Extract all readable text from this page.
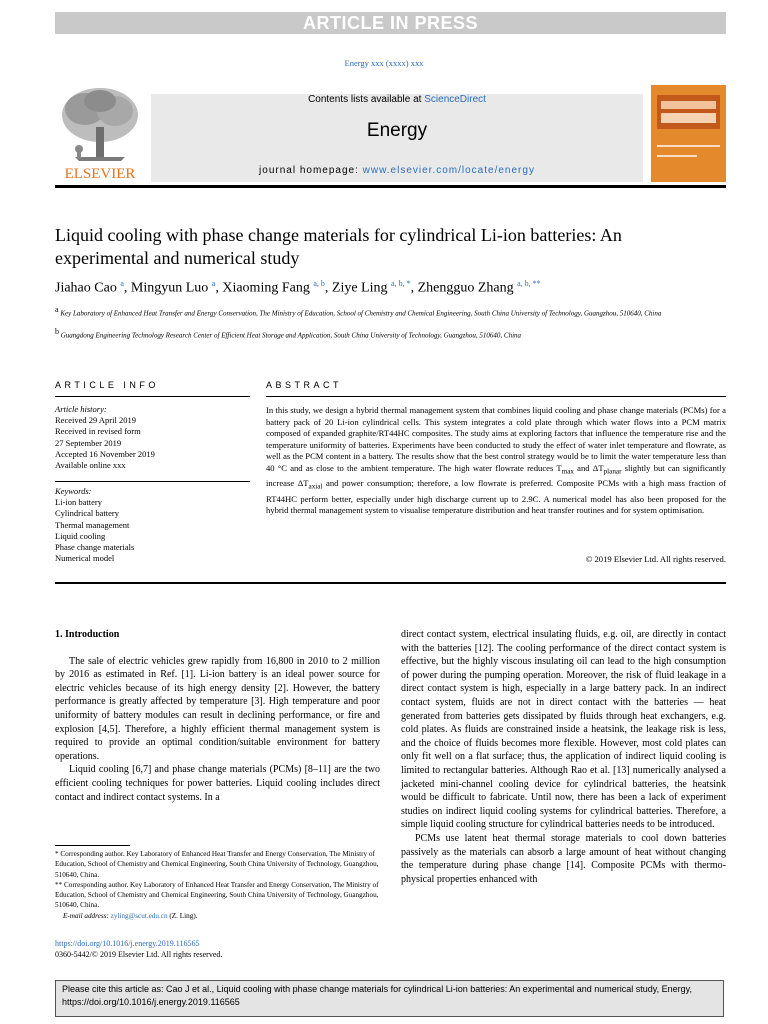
ARTICLE IN PRESS
Energy xxx (xxxx) xxx
ELSEVIER
Contents lists available at ScienceDirect
Energy
journal homepage: www.elsevier.com/locate/energy
Liquid cooling with phase change materials for cylindrical Li-ion batteries: An experimental and numerical study
Jiahao Cao $^a$, Mingyun Luo $^a$, Xiaoming Fang $^{a, b}$, Ziye Ling $^{a, b, *}$, Zhengguo Zhang $^{a, b, **}$
$^a$ Key Laboratory of Enhanced Heat Transfer and Energy Conservation, The Ministry of Education, School of Chemistry and Chemical Engineering, South China University of Technology, Guangzhou, 510640, China
$^b$ Guangdong Engineering Technology Research Center of Efficient Heat Storage and Application, South China University of Technology, Guangzhou, 510640, China
ARTICLE INFO
Article history:
Received 29 April 2019
Received in revised form
27 September 2019
Accepted 16 November 2019
Available online xxx
Keywords:
Li-ion battery
Cylindrical battery
Thermal management
Liquid cooling
Phase change materials
Numerical model
ABSTRACT
In this study, we design a hybrid thermal management system that combines liquid cooling and phase change materials (PCMs) for a battery pack of 20 Li-ion cylindrical cells. This system integrates a cold plate through which water flows into a PCM matrix composed of expanded graphite/RT44HC composites. The study aims at exploring factors that influence the temperature rise and the temperature uniformity of batteries. Experiments have been conducted to study the effect of water inlet temperature and flowrate, as well as the PCM content in a battery. The results show that the best control strategy would be to limit the water temperature less than 40 °C and as close to the ambient temperature. The high water flowrate reduces $T_{max}$ and $\Delta T_{planar}$ slightly but can significantly increase $\Delta T_{axial}$ and power consumption; therefore, a low flowrate is preferred. Composite PCMs with a high mass fraction of RT44HC perform better, especially under high discharge current up to 2.9C. A numerical model has also been proposed for the hybrid thermal management system to visualise temperature distribution and heat transfer routines and for system optimisation.
© 2019 Elsevier Ltd. All rights reserved.

1. Introduction

The sale of electric vehicles grew rapidly from 16,800 in 2010 to 2 million by 2016 as estimated in Ref. [1]. Li-ion battery is an ideal power source for electric vehicles because of its high energy density [2]. However, the battery performance is greatly affected by temperature [3]. High temperature and poor uniformity of battery modules can result in declining performance, or fire and explosion [4,5]. Therefore, a highly efficient thermal management system is required to provide an optimal condition/suitable environment for battery operations.

Liquid cooling [6,7] and phase change materials (PCMs) [8–11] are the two efficient cooling techniques for power batteries. Liquid cooling includes direct contact and indirect contact systems. In a

* Corresponding author. Key Laboratory of Enhanced Heat Transfer and Energy Conservation, The Ministry of Education, School of Chemistry and Chemical Engineering, South China University of Technology, Guangzhou, 510640, China.

** Corresponding author. Key Laboratory of Enhanced Heat Transfer and Energy Conservation, The Ministry of Education, School of Chemistry and Chemical Engineering, South China University of Technology, Guangzhou, 510640, China.

E-mail address: zyling@scut.edu.cn (Z. Ling).

https://doi.org/10.1016/j.energy.2019.116565
0360-5442/© 2019 Elsevier Ltd. All rights reserved.

direct contact system, electrical insulating fluids, e.g. oil, are directly in contact with the batteries [12]. The cooling performance of the direct contact system is effective, but the highly viscous insulating oil can lead to the high consumption of power during the pumping operation. Moreover, the risk of fluid leakage in a direct contact system is high, especially in a large battery pack. In an indirect contact system, fluids are not in direct contact with the batteries — heat generated from batteries gets dissipated by fluids through heat exchangers, e.g. cold plates. As fluids are constrained inside a heatsink, the leakage risk is less, and the choice of fluids becomes more flexible. However, most cold plates can only fit well on a flat surface; thus, the application of indirect liquid cooling is limited to rectangular batteries. Although Rao et al. [13] numerically analysed a jacketed mini-channel cooling device for cylindrical batteries, the heatsink would be difficult to fabricate. Until now, there has been a lack of experiment studies on indirect liquid cooling systems for cylindrical batteries. Therefore, a simple liquid cooling structure for cylindrical batteries needs to be introduced.

PCMs use latent heat thermal storage materials to cool down batteries passively as the materials can absorb a large amount of heat without changing the temperature during phase change [14]. Composite PCMs with thermo-physical properties enhanced with

Please cite this article as: Cao J et al., Liquid cooling with phase change materials for cylindrical Li-ion batteries: An experimental and numerical study, Energy, https://doi.org/10.1016/j.energy.2019.116565
